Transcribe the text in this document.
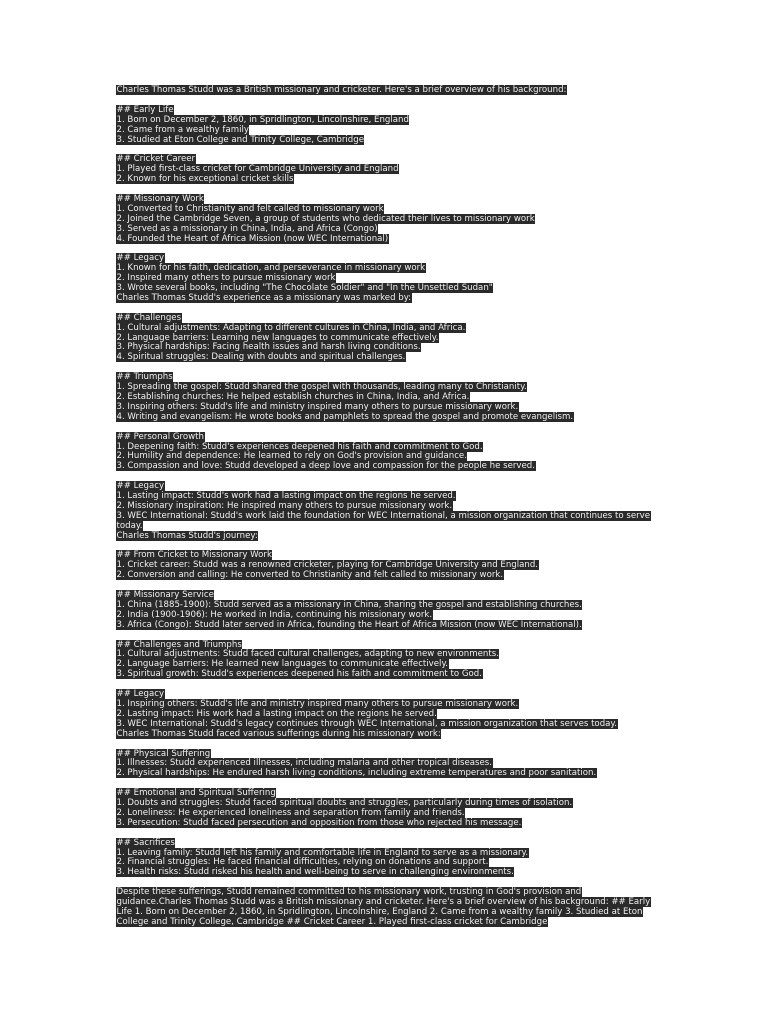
Charles Thomas Studd was a British missionary and cricketer. Here's a brief overview of his background:
## Early Life
1. Born on December 2, 1860, in Spridlington, Lincolnshire, England
2. Came from a wealthy family
3. Studied at Eton College and Trinity College, Cambridge
## Cricket Career
1. Played first-class cricket for Cambridge University and England
2. Known for his exceptional cricket skills
## Missionary Work
1. Converted to Christianity and felt called to missionary work
2. Joined the Cambridge Seven, a group of students who dedicated their lives to missionary work
3. Served as a missionary in China, India, and Africa (Congo)
4. Founded the Heart of Africa Mission (now WEC International)
## Legacy
1. Known for his faith, dedication, and perseverance in missionary work
2. Inspired many others to pursue missionary work
3. Wrote several books, including "The Chocolate Soldier" and "In the Unsettled Sudan"
Charles Thomas Studd's experience as a missionary was marked by:
## Challenges
1. Cultural adjustments: Adapting to different cultures in China, India, and Africa.
2. Language barriers: Learning new languages to communicate effectively.
3. Physical hardships: Facing health issues and harsh living conditions.
4. Spiritual struggles: Dealing with doubts and spiritual challenges.
## Triumphs
1. Spreading the gospel: Studd shared the gospel with thousands, leading many to Christianity.
2. Establishing churches: He helped establish churches in China, India, and Africa.
3. Inspiring others: Studd's life and ministry inspired many others to pursue missionary work.
4. Writing and evangelism: He wrote books and pamphlets to spread the gospel and promote evangelism.
## Personal Growth
1. Deepening faith: Studd's experiences deepened his faith and commitment to God.
2. Humility and dependence: He learned to rely on God's provision and guidance.
3. Compassion and love: Studd developed a deep love and compassion for the people he served.
## Legacy
1. Lasting impact: Studd's work had a lasting impact on the regions he served.
2. Missionary inspiration: He inspired many others to pursue missionary work.
3. WEC International: Studd's work laid the foundation for WEC International, a mission organization that continues to serve today.
Charles Thomas Studd's journey:
## From Cricket to Missionary Work
1. Cricket career: Studd was a renowned cricketer, playing for Cambridge University and England.
2. Conversion and calling: He converted to Christianity and felt called to missionary work.
## Missionary Service
1. China (1885-1900): Studd served as a missionary in China, sharing the gospel and establishing churches.
2. India (1900-1906): He worked in India, continuing his missionary work.
3. Africa (Congo): Studd later served in Africa, founding the Heart of Africa Mission (now WEC International).
## Challenges and Triumphs
1. Cultural adjustments: Studd faced cultural challenges, adapting to new environments.
2. Language barriers: He learned new languages to communicate effectively.
3. Spiritual growth: Studd's experiences deepened his faith and commitment to God.
## Legacy
1. Inspiring others: Studd's life and ministry inspired many others to pursue missionary work.
2. Lasting impact: His work had a lasting impact on the regions he served.
3. WEC International: Studd's legacy continues through WEC International, a mission organization that serves today.
Charles Thomas Studd faced various sufferings during his missionary work:
## Physical Suffering
1. Illnesses: Studd experienced illnesses, including malaria and other tropical diseases.
2. Physical hardships: He endured harsh living conditions, including extreme temperatures and poor sanitation.
## Emotional and Spiritual Suffering
1. Doubts and struggles: Studd faced spiritual doubts and struggles, particularly during times of isolation.
2. Loneliness: He experienced loneliness and separation from family and friends.
3. Persecution: Studd faced persecution and opposition from those who rejected his message.
## Sacrifices
1. Leaving family: Studd left his family and comfortable life in England to serve as a missionary.
2. Financial struggles: He faced financial difficulties, relying on donations and support.
3. Health risks: Studd risked his health and well-being to serve in challenging environments.
Despite these sufferings, Studd remained committed to his missionary work, trusting in God's provision and guidance.Charles Thomas Studd was a British missionary and cricketer. Here's a brief overview of his background: ## Early Life 1. Born on December 2, 1860, in Spridlington, Lincolnshire, England 2. Came from a wealthy family 3. Studied at Eton College and Trinity College, Cambridge ## Cricket Career 1. Played first-class cricket for Cambridge
